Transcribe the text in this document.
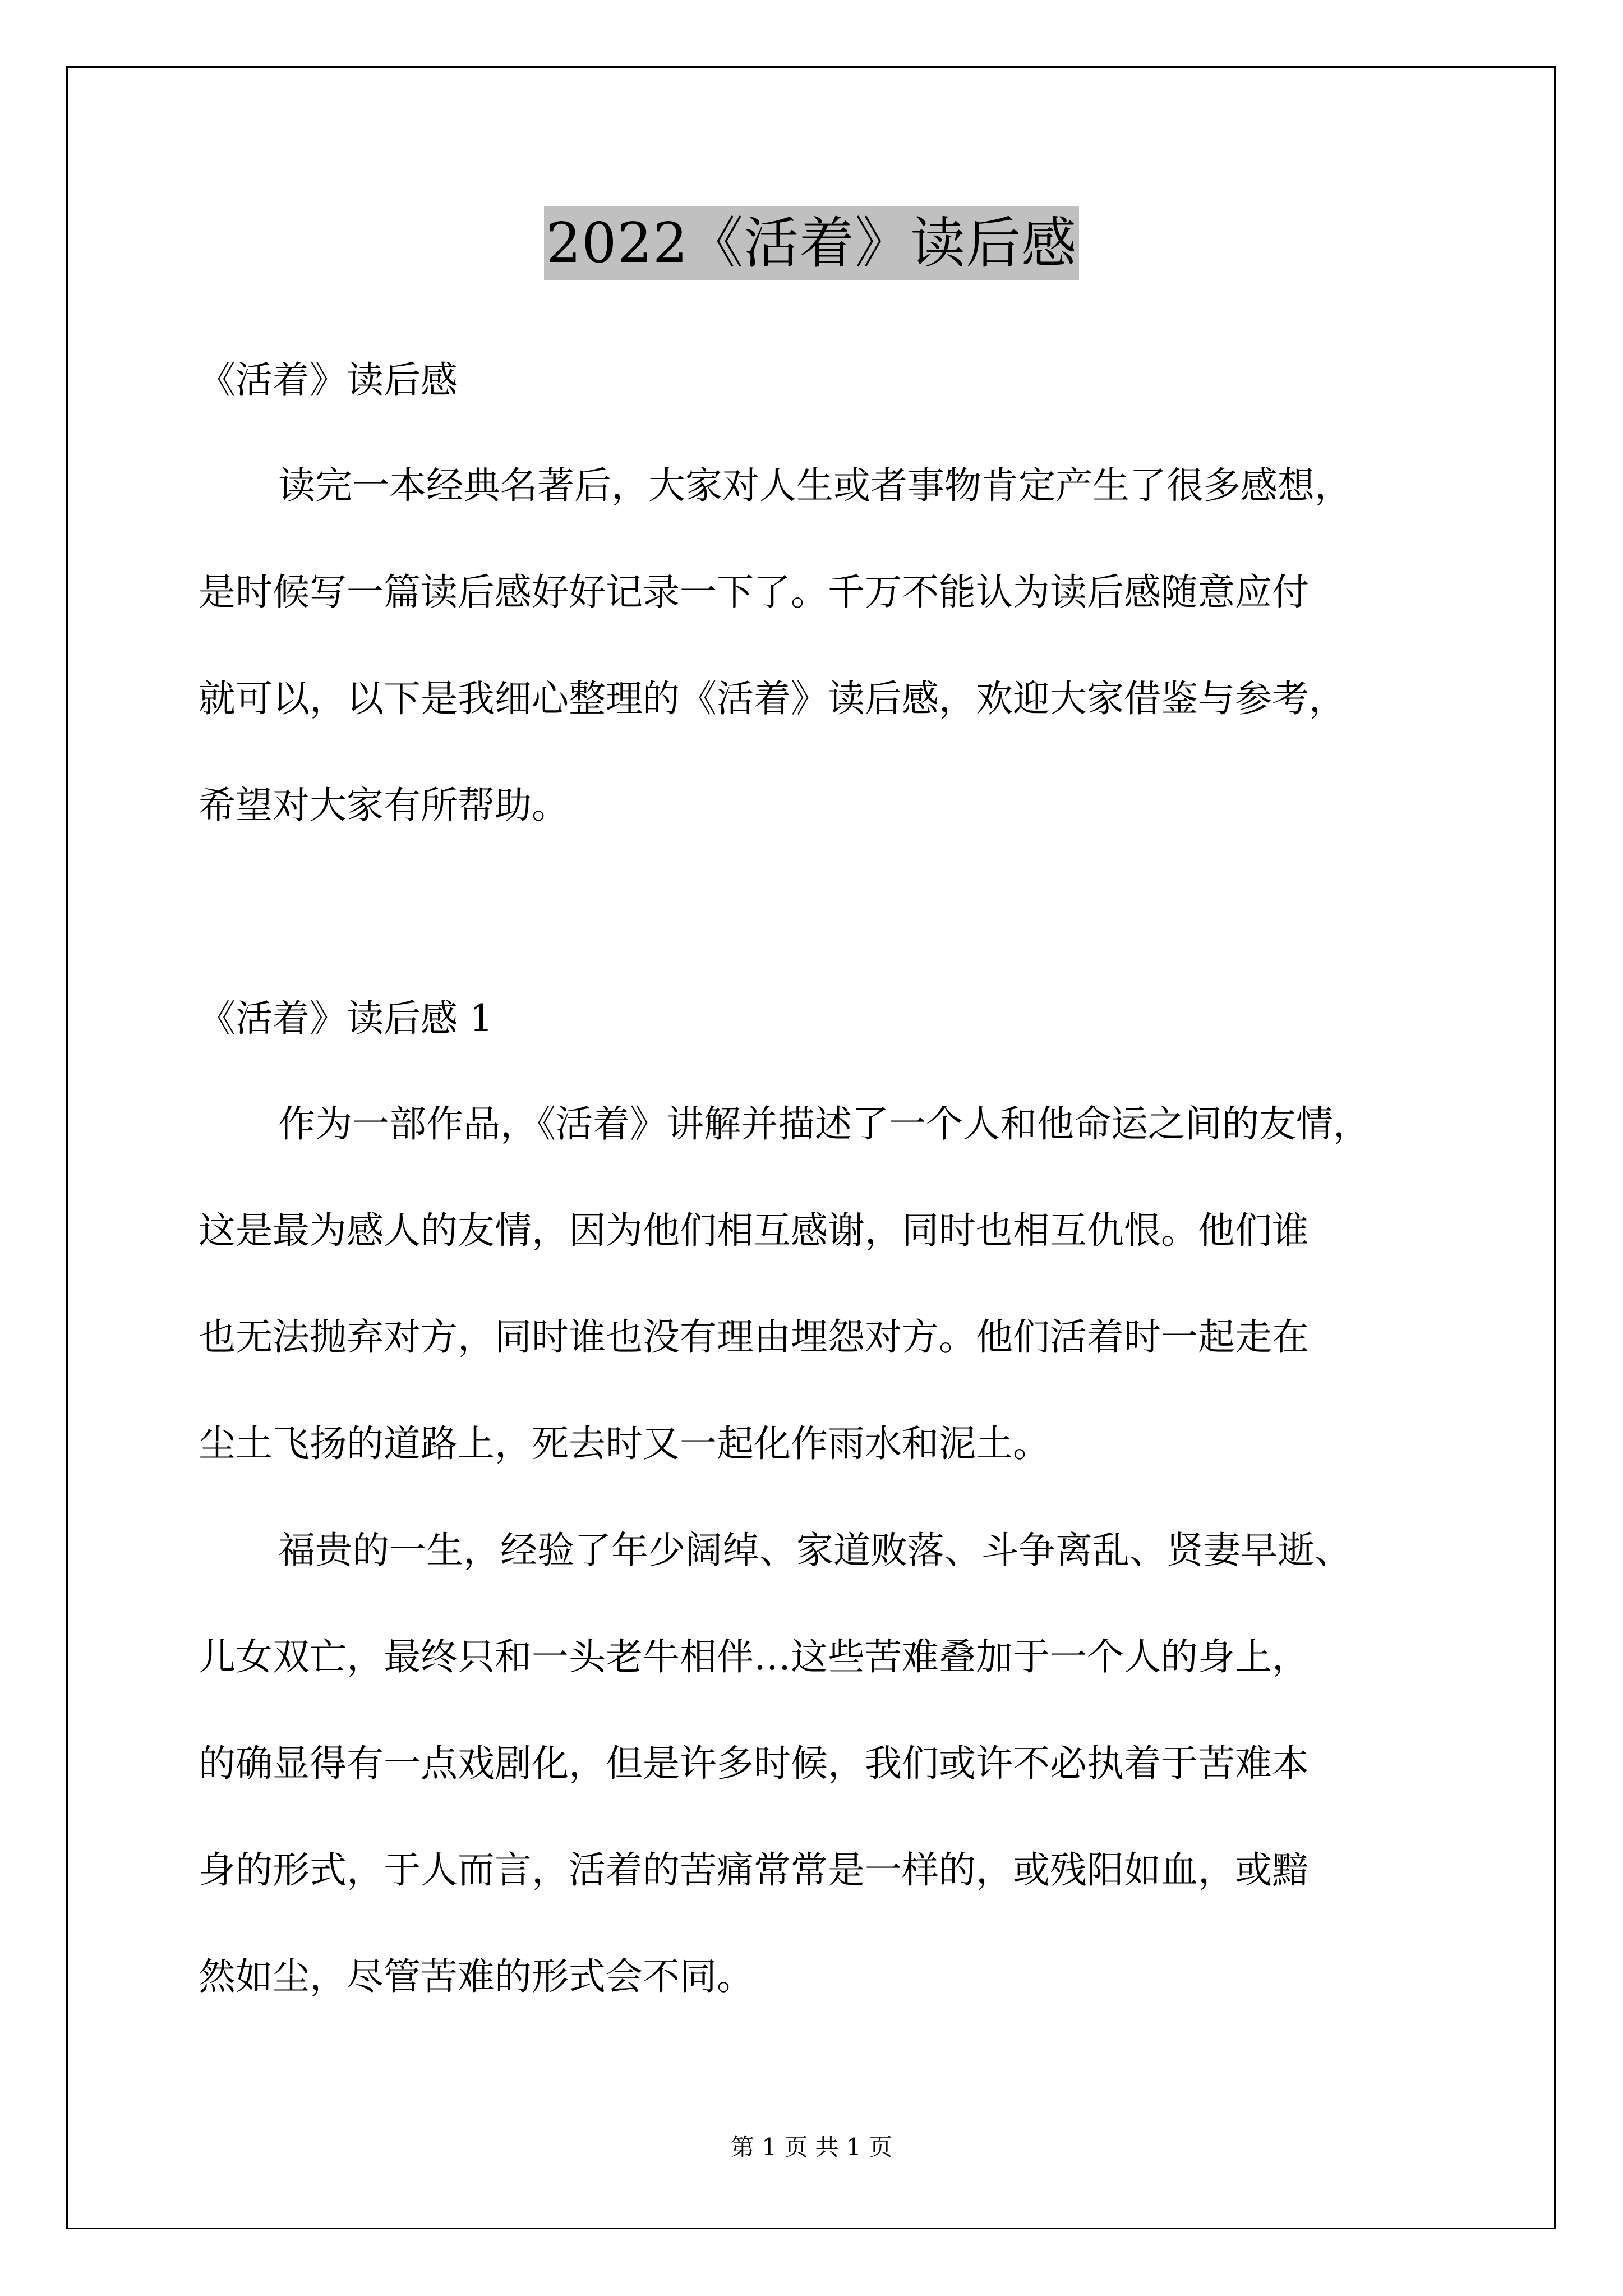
2022《活着》读后感
《活着》读后感
读完一本经典名著后，大家对人生或者事物肯定产生了很多感想，
是时候写一篇读后感好好记录一下了。千万不能认为读后感随意应付
就可以，以下是我细心整理的《活着》读后感，欢迎大家借鉴与参考，
希望对大家有所帮助。
《活着》读后感 1
作为一部作品，《活着》讲解并描述了一个人和他命运之间的友情，
这是最为感人的友情，因为他们相互感谢，同时也相互仇恨。他们谁
也无法抛弃对方，同时谁也没有理由埋怨对方。他们活着时一起走在
尘土飞扬的道路上，死去时又一起化作雨水和泥土。
福贵的一生，经验了年少阔绰、家道败落、斗争离乱、贤妻早逝、
儿女双亡，最终只和一头老牛相伴…这些苦难叠加于一个人的身上，
的确显得有一点戏剧化，但是许多时候，我们或许不必执着于苦难本
身的形式，于人而言，活着的苦痛常常是一样的，或残阳如血，或黯
然如尘，尽管苦难的形式会不同。
第 1 页 共 1 页
